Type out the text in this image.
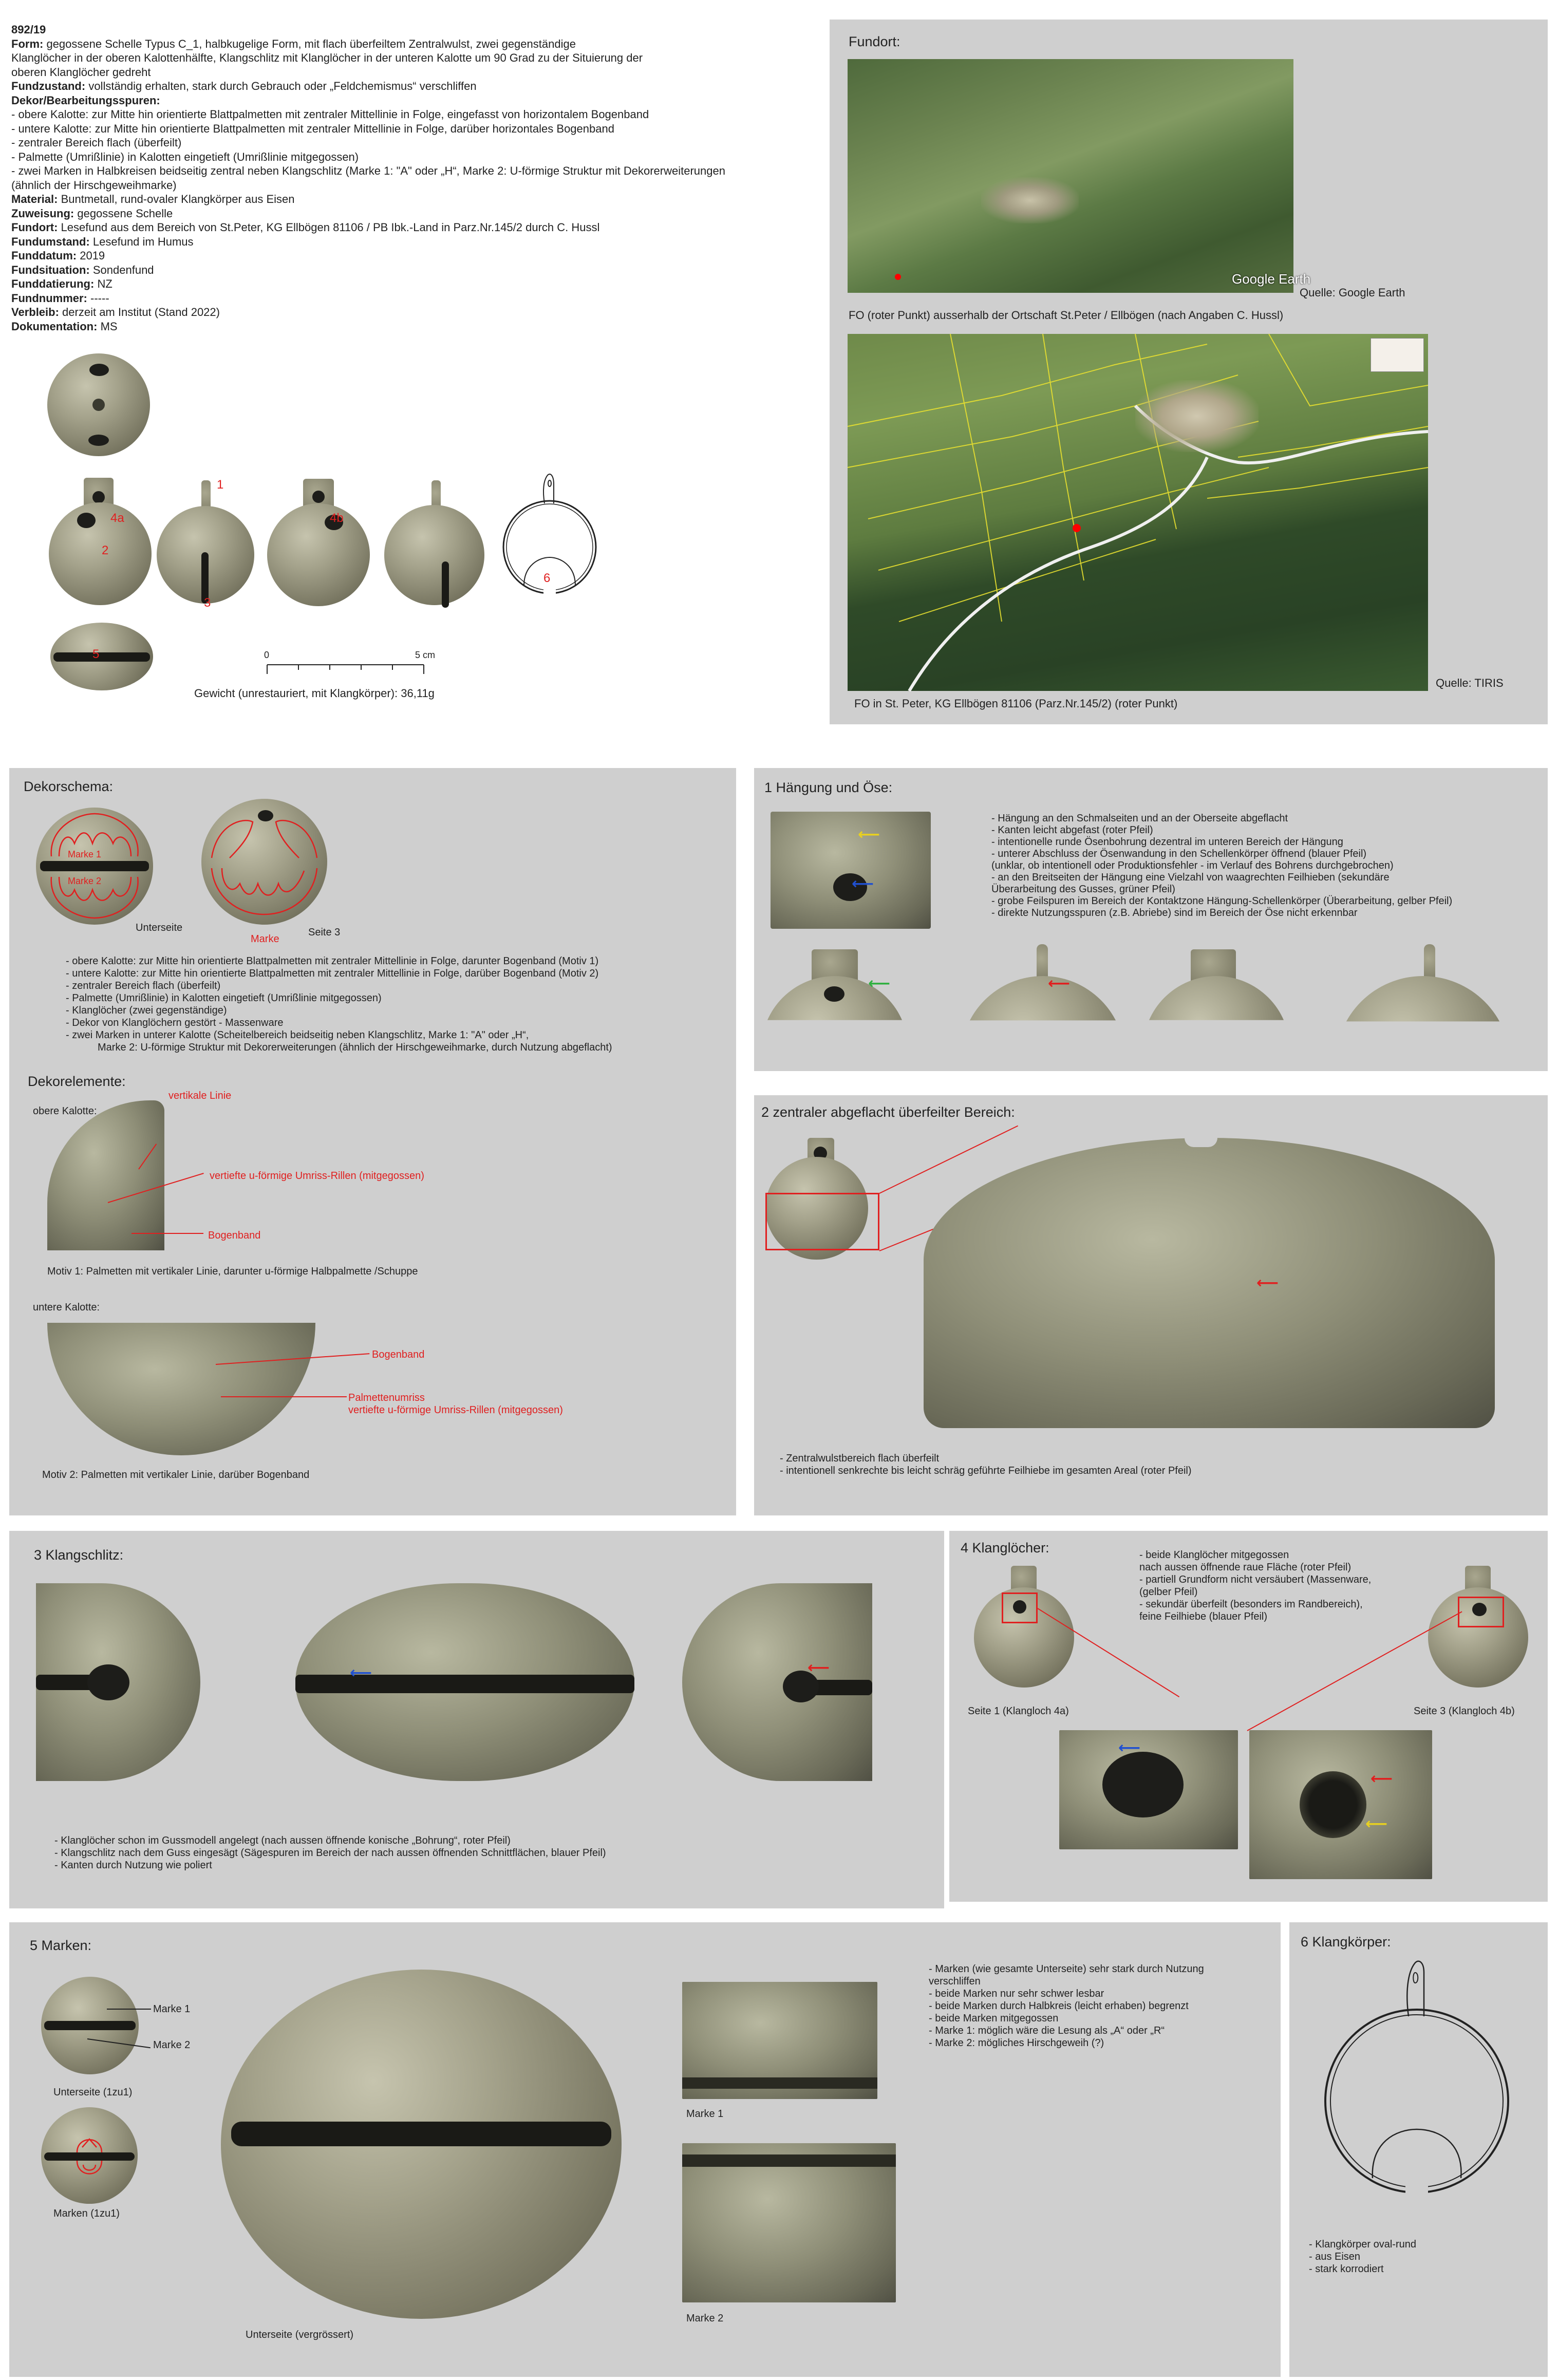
892/19
Form: gegossene Schelle Typus C_1, halbkugelige Form, mit flach überfeiltem Zentralwulst, zwei gegenständige
Klanglöcher in der oberen Kalottenhälfte, Klangschlitz mit Klanglöcher in der unteren Kalotte um 90 Grad zu der Situierung der
oberen Klanglöcher gedreht
Fundzustand: vollständig erhalten, stark durch Gebrauch oder „Feldchemismus“ verschliffen
Dekor/Bearbeitungsspuren:
- obere Kalotte: zur Mitte hin orientierte Blattpalmetten mit zentraler Mittellinie in Folge, eingefasst von horizontalem Bogenband
- untere Kalotte: zur Mitte hin orientierte Blattpalmetten mit zentraler Mittellinie in Folge, darüber horizontales Bogenband
- zentraler Bereich flach (überfeilt)
- Palmette (Umrißlinie) in Kalotten eingetieft (Umrißlinie mitgegossen)
- zwei Marken in Halbkreisen beidseitig zentral neben Klangschlitz (Marke 1: "A" oder „H“, Marke 2: U-förmige Struktur mit Dekorerweiterungen
(ähnlich der Hirschgeweihmarke)
Material: Buntmetall, rund-ovaler Klangkörper aus Eisen
Zuweisung: gegossene Schelle
Fundort: Lesefund aus dem Bereich von St.Peter, KG Ellbögen 81106 / PB Ibk.-Land in Parz.Nr.145/2 durch C. Hussl
Fundumstand: Lesefund im Humus
Funddatum: 2019
Fundsituation: Sondenfund
Funddatierung: NZ
Fundnummer: -----
Verbleib: derzeit am Institut (Stand 2022)
Dokumentation: MS
4a
2
1
3
4b
6
5	0	5 cm
Gewicht (unrestauriert, mit Klangkörper): 36,11g
Fundort:
Google Earth
Quelle: Google Earth
FO (roter Punkt) ausserhalb der Ortschaft St.Peter / Ellbögen (nach Angaben C. Hussl)
Quelle: TIRIS
FO in St. Peter, KG Ellbögen 81106 (Parz.Nr.145/2) (roter Punkt)
Dekorschema:
Marke 1
Marke 2
Unterseite	Seite 3
Marke
- obere Kalotte: zur Mitte hin orientierte Blattpalmetten mit zentraler Mittellinie in Folge, darunter Bogenband (Motiv 1)
- untere Kalotte: zur Mitte hin orientierte Blattpalmetten mit zentraler Mittellinie in Folge, darüber Bogenband (Motiv 2)
- zentraler Bereich flach (überfeilt)
- Palmette (Umrißlinie) in Kalotten eingetieft (Umrißlinie mitgegossen)
- Klanglöcher (zwei gegenständige)
- Dekor von Klanglöchern gestört - Massenware
- zwei Marken in unterer Kalotte (Scheitelbereich beidseitig neben Klangschlitz, Marke 1: "A" oder „H“,
Marke 2: U-förmige Struktur mit Dekorerweiterungen (ähnlich der Hirschgeweihmarke, durch Nutzung abgeflacht)
Dekorelemente:
obere Kalotte:
vertikale Linie
vertiefte u-förmige Umriss-Rillen (mitgegossen)
Bogenband
Motiv 1: Palmetten mit vertikaler Linie, darunter u-förmige Halbpalmette /Schuppe
untere Kalotte:
Bogenband
Palmettenumriss
vertiefte u-förmige Umriss-Rillen (mitgegossen)
Motiv 2: Palmetten mit vertikaler Linie, darüber Bogenband
1 Hängung und Öse:
⟵
⟵
- Hängung an den Schmalseiten und an der Oberseite abgeflacht
- Kanten leicht abgefast (roter Pfeil)
- intentionelle runde Ösenbohrung dezentral im unteren Bereich der Hängung
- unterer Abschluss der Ösenwandung in den Schellenkörper öffnend (blauer Pfeil)
(unklar, ob intentionell oder Produktionsfehler - im Verlauf des Bohrens durchgebrochen)
- an den Breitseiten der Hängung eine Vielzahl von waagrechten Feilhieben (sekundäre
Überarbeitung des Gusses, grüner Pfeil)
- grobe Feilspuren im Bereich der Kontaktzone Hängung-Schellenkörper (Überarbeitung, gelber Pfeil)
- direkte Nutzungsspuren (z.B. Abriebe) sind im Bereich der Öse nicht erkennbar
⟵	⟵
2 zentraler abgeflacht überfeilter Bereich:
⟵
- Zentralwulstbereich flach überfeilt
- intentionell senkrechte bis leicht schräg geführte Feilhiebe im gesamten Areal (roter Pfeil)
3 Klangschlitz:
⟵	⟵
- Klanglöcher schon im Gussmodell angelegt (nach aussen öffnende konische „Bohrung“, roter Pfeil)
- Klangschlitz nach dem Guss eingesägt (Sägespuren im Bereich der nach aussen öffnenden Schnittflächen, blauer Pfeil)
- Kanten durch Nutzung wie poliert
4 Klanglöcher:	- beide Klanglöcher mitgegossen
nach aussen öffnende raue Fläche (roter Pfeil)
- partiell Grundform nicht versäubert (Massenware,
(gelber Pfeil)
- sekundär überfeilt (besonders im Randbereich),
feine Feilhiebe (blauer Pfeil)
Seite 1 (Klangloch 4a)	Seite 3 (Klangloch 4b)
⟵
⟵
⟵
5 Marken:
Marke 1
Marke 2
Unterseite (1zu1)
Marken (1zu1)
Unterseite (vergrössert)
Marke 1
Marke 2
- Marken (wie gesamte Unterseite) sehr stark durch Nutzung
verschliffen
- beide Marken nur sehr schwer lesbar
- beide Marken durch Halbkreis (leicht erhaben) begrenzt
- beide Marken mitgegossen
- Marke 1: möglich wäre die Lesung als „A“ oder „R“
- Marke 2: mögliches Hirschgeweih (?)
6 Klangkörper:
- Klangkörper oval-rund
- aus Eisen
- stark korrodiert
